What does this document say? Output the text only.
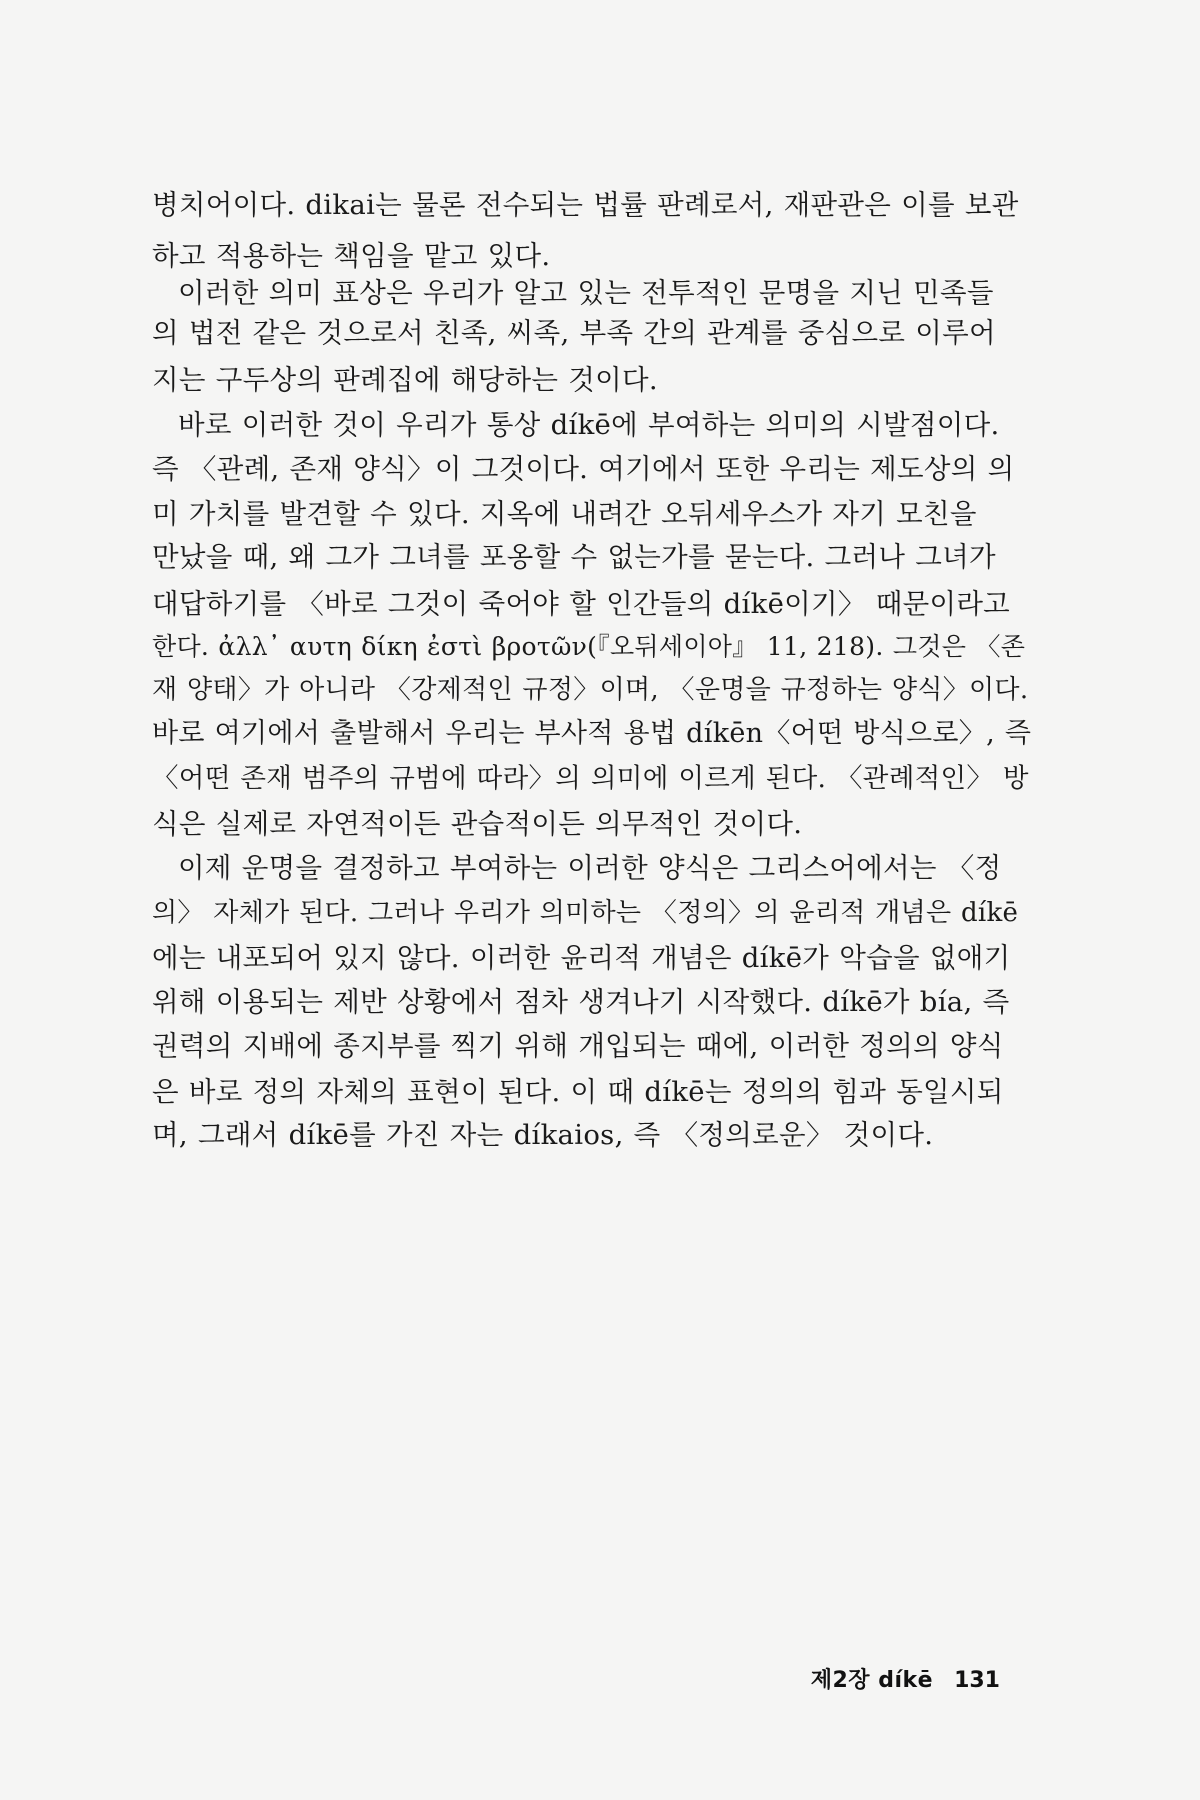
병치어이다. dikai는 물론 전수되는 법률 판례로서, 재판관은 이를 보관
하고 적용하는 책임을 맡고 있다.
이러한 의미 표상은 우리가 알고 있는 전투적인 문명을 지닌 민족들
의 법전 같은 것으로서 친족, 씨족, 부족 간의 관계를 중심으로 이루어
지는 구두상의 판례집에 해당하는 것이다.
바로 이러한 것이 우리가 통상 díkē에 부여하는 의미의 시발점이다.
즉 〈관례, 존재 양식〉이 그것이다. 여기에서 또한 우리는 제도상의 의
미 가치를 발견할 수 있다. 지옥에 내려간 오뒤세우스가 자기 모친을
만났을 때, 왜 그가 그녀를 포옹할 수 없는가를 묻는다. 그러나 그녀가
대답하기를 〈바로 그것이 죽어야 할 인간들의 díkē이기〉 때문이라고
한다. ἀλλ᾽ αυτη δίκη ἐστὶ βροτῶν(『오뒤세이아』 11, 218). 그것은 〈존
재 양태〉가 아니라 〈강제적인 규정〉이며, 〈운명을 규정하는 양식〉이다.
바로 여기에서 출발해서 우리는 부사적 용법 díkēn〈어떤 방식으로〉, 즉
〈어떤 존재 범주의 규범에 따라〉의 의미에 이르게 된다. 〈관례적인〉 방
식은 실제로 자연적이든 관습적이든 의무적인 것이다.
이제 운명을 결정하고 부여하는 이러한 양식은 그리스어에서는 〈정
의〉 자체가 된다. 그러나 우리가 의미하는 〈정의〉의 윤리적 개념은 díkē
에는 내포되어 있지 않다. 이러한 윤리적 개념은 díkē가 악습을 없애기
위해 이용되는 제반 상황에서 점차 생겨나기 시작했다. díkē가 bía, 즉
권력의 지배에 종지부를 찍기 위해 개입되는 때에, 이러한 정의의 양식
은 바로 정의 자체의 표현이 된다. 이 때 díkē는 정의의 힘과 동일시되
며, 그래서 díkē를 가진 자는 díkaios, 즉 〈정의로운〉 것이다.
제2장 díkē 131
